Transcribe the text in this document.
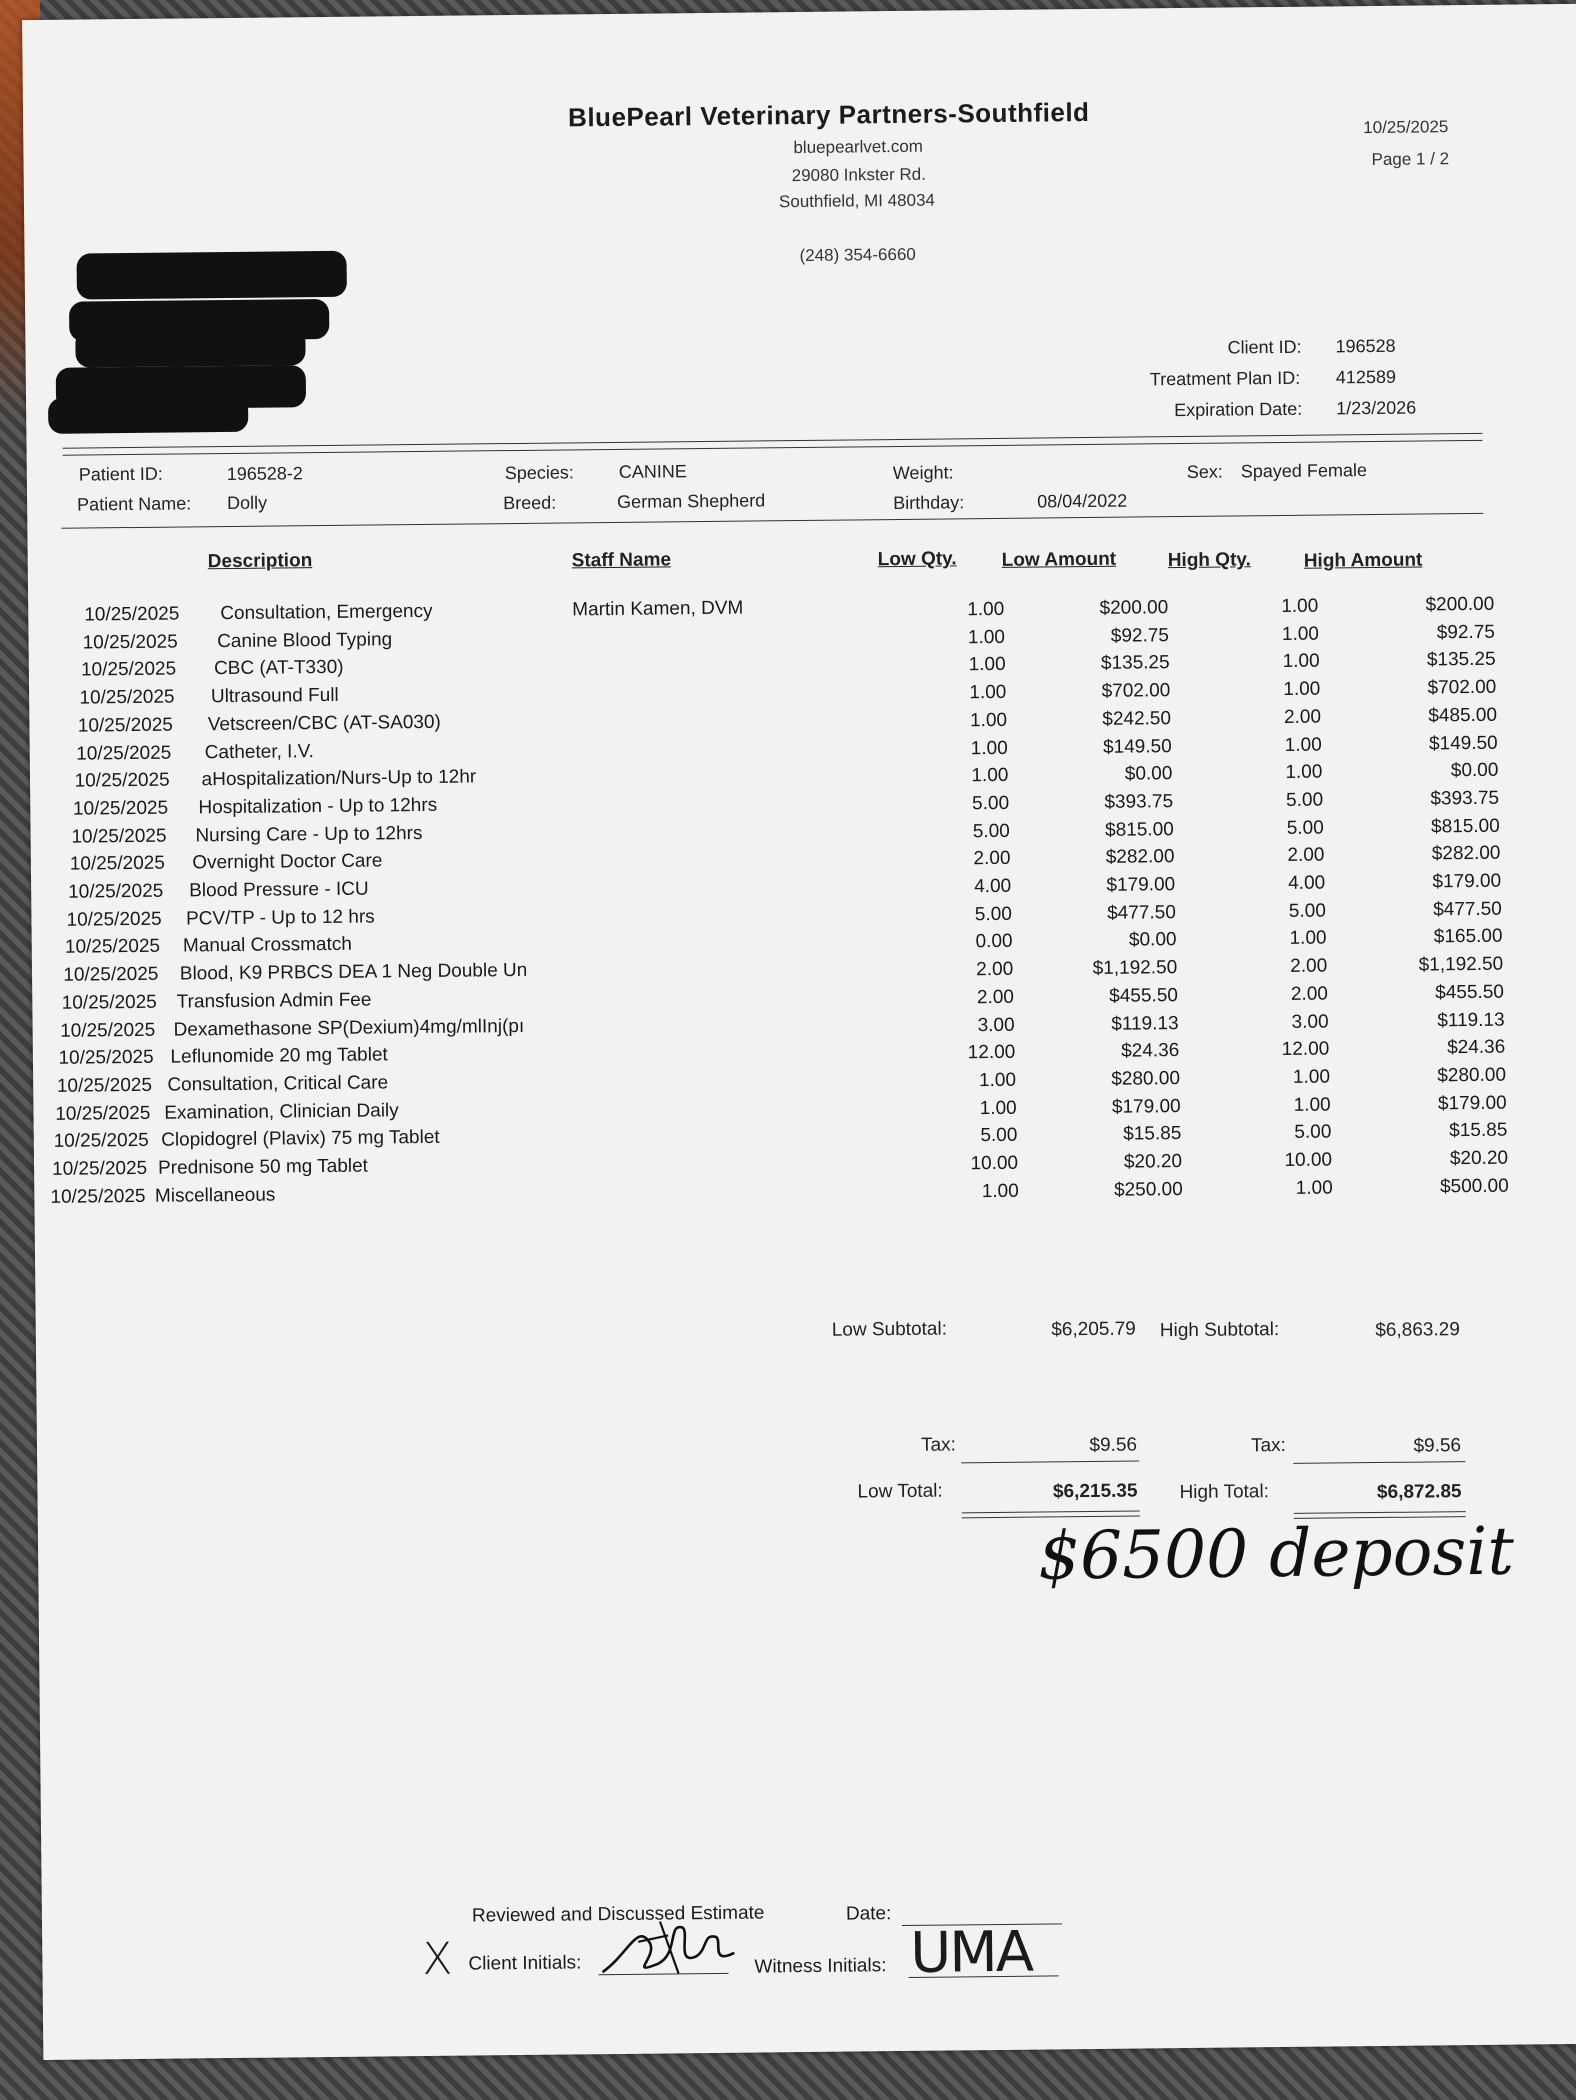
BluePearl Veterinary Partners-Southfield
bluepearlvet.com
29080 Inkster Rd.
Southfield, MI 48034
(248) 354-6660
10/25/2025
Page 1 / 2
Client ID: 196528
Treatment Plan ID: 412589
Expiration Date: 1/23/2026
Patient ID:	196528-2
Patient Name: Dolly
Species: CANINE
Breed:	German Shepherd
Weight:
Birthday:	08/04/2022
Sex: Spayed Female
Description	Staff Name	Low Qty. Low Amount	High Qty.	High Amount
10/25/2025 Consultation, Emergency	Martin Kamen, DVM	1.00	$200.00	1.00	$200.00
10/25/2025 Canine Blood Typing	1.00	$92.75	1.00	$92.75
10/25/2025 CBC (AT-T330)	1.00	$135.25	1.00	$135.25
10/25/2025 Ultrasound Full	1.00	$702.00	1.00	$702.00
10/25/2025 Vetscreen/CBC (AT-SA030)	1.00	$242.50	2.00	$485.00
10/25/2025 Catheter, I.V.	1.00	$149.50	1.00	$149.50
10/25/2025 aHospitalization/Nurs-Up to 12hr	1.00	$0.00	1.00	$0.00
10/25/2025 Hospitalization - Up to 12hrs	5.00	$393.75	5.00	$393.75
10/25/2025 Nursing Care - Up to 12hrs	5.00	$815.00	5.00	$815.00
10/25/2025 Overnight Doctor Care	2.00	$282.00	2.00	$282.00
10/25/2025 Blood Pressure - ICU	4.00	$179.00	4.00	$179.00
10/25/2025 PCV/TP - Up to 12 hrs	5.00	$477.50	5.00	$477.50
10/25/2025 Manual Crossmatch	0.00	$0.00	1.00	$165.00
10/25/2025 Blood, K9 PRBCS DEA 1 Neg Double Un	2.00	$1,192.50	2.00	$1,192.50
10/25/2025 Transfusion Admin Fee	2.00	$455.50	2.00	$455.50
10/25/2025 Dexamethasone SP(Dexium)4mg/mlInj(pı	3.00	$119.13	3.00	$119.13
10/25/2025 Leflunomide 20 mg Tablet	12.00	$24.36	12.00	$24.36
10/25/2025 Consultation, Critical Care	1.00	$280.00	1.00	$280.00
10/25/2025 Examination, Clinician Daily	1.00	$179.00	1.00	$179.00
10/25/2025 Clopidogrel (Plavix) 75 mg Tablet	5.00	$15.85	5.00	$15.85
10/25/2025 Prednisone 50 mg Tablet	10.00	$20.20	10.00	$20.20
10/25/2025 Miscellaneous	1.00	$250.00	1.00	$500.00
Low Subtotal:	$6,205.79 High Subtotal:	$6,863.29
Tax:	$9.56	Tax:	$9.56
Low Total:	$6,215.35 High Total:	$6,872.85
$6500 deposit
Reviewed and Discussed Estimate	Date:
X Client Initials:	Witness Initials: UMA
